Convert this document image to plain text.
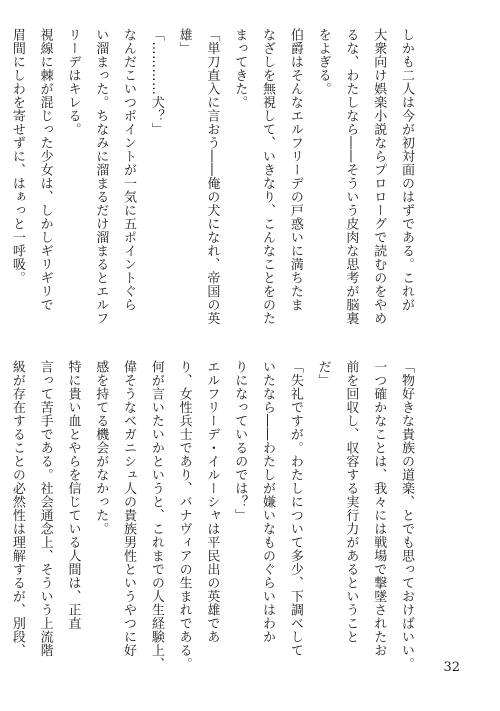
しかも二人は今が初対面のはずである。これが
大衆向け娯楽小説ならプロローグで読むのをやめ
るな、わたしなら――そういう皮肉な思考が脳裏
をよぎる。
伯爵はそんなエルフリーデの戸惑いに満ちたま
なざしを無視して、いきなり、こんなことをのた
まってきた。
「単刀直入に言おう――俺の犬になれ、帝国の英
雄」
「…………犬？」
なんだこいつポイントが一気に五ポイントぐら
い溜まった。ちなみに溜まるだけ溜まるとエルフ
リーデはキレる。
視線に棘が混じった少女は、しかしギリギリで
眉間にしわを寄せずに、はぁっと一呼吸。
「物好きな貴族の道楽、とでも思っておけばいい。
一つ確かなことは、我々には戦場で撃墜されたお
前を回収し、収容する実行力があるということ
だ」
「失礼ですが。わたしについて多少、下調べして
いたなら――わたしが嫌いなものぐらいはわか
りになっているのでは？」
エルフリーデ・イルーシャは平民出の英雄であ
り、女性兵士であり、バナヴィアの生まれである。
何が言いたいかというと、これまでの人生経験上、
偉そうなベガニシュ人の貴族男性というやつに好
感を持てる機会がなかった。
特に貴い血とやらを信じている人間は、正直
言って苦手である。社会通念上、そういう上流階
級が存在することの必然性は理解するが、別段、
32
